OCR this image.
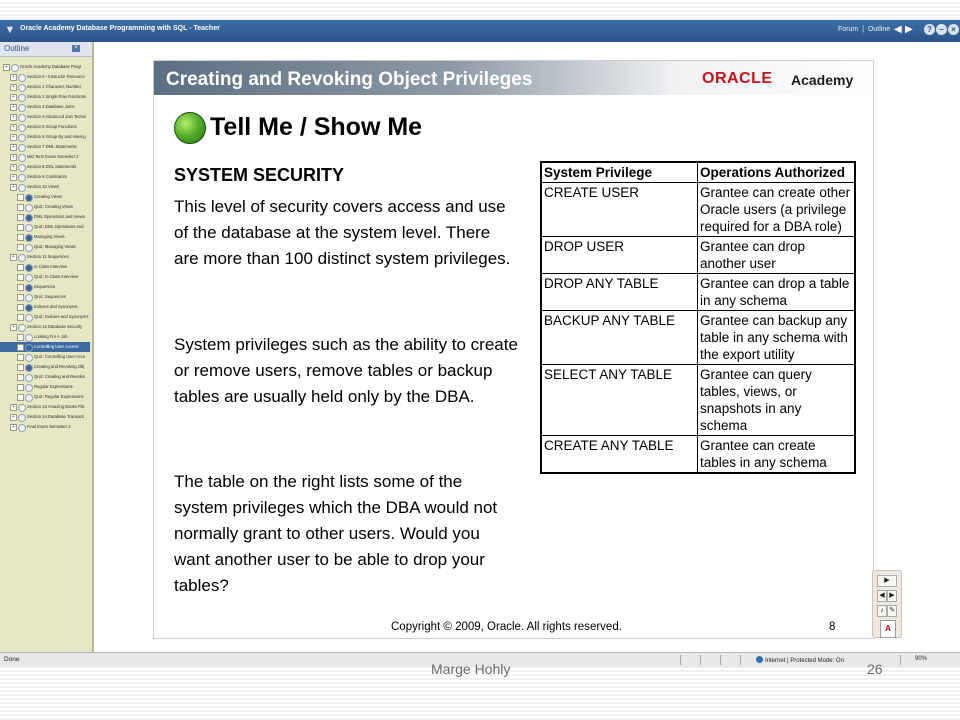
▼ Oracle Academy Database Programming with SQL - Teacher	Forum | Outline ◀ ▶	? – ×
Outline	×
+	Oracle Academy Database Progr
+	Section 0 - Instructor Resource
+	Section 1 Character, Number,
+	Section 2 Single Row Functions
+	Section 3 Database Joins
+	Section 4 Advanced Join Techni
+	Section 5 Group Functions
+	Section 6 Group By and Having
+	Section 7 DML Statements
+	Mid Term Exam Semester 2
+	Section 8 DDL Statements
+	Section 9 Constraints
+	Section 10 Views
Creating Views
Quiz: Creating Views
DML Operations and Views
Quiz: DML Operations and
Managing Views
Quiz: Managing Views
+	Section 11 Sequences
In Class Interview
Quiz: In Class Interview
Sequences
Quiz: Sequences
Indexes and Synonyms
Quiz: Indexes and Synonyms
+	Section 12 Database Security
Looking For A Job
Controlling User Access
Quiz: Controlling User Acce
Creating and Revoking Obj
Quiz: Creating and Revokin
Regular Expressions
Quiz: Regular Expressions
+	Section 13 Amazing Books File
+	Section 14 Database Transacti
+	Final Exam Semester 2
Creating and Revoking Object Privileges	ORACLE Academy
Tell Me / Show Me
SYSTEM SECURITY

This level of security covers access and use of the database at the system level. There are more than 100 distinct system privileges.

System privileges such as the ability to create or remove users, remove tables or backup tables are usually held only by the DBA.

The table on the right lists some of the system privileges which the DBA would not normally grant to other users. Would you want another user to be able to drop your tables?

System Privilege	Operations Authorized
CREATE USER	Grantee can create other Oracle users (a privilege required for a DBA role)
DROP USER	Grantee can drop another user
DROP ANY TABLE	Grantee can drop a table in any schema
BACKUP ANY TABLE	Grantee can backup any table in any schema with the export utility
SELECT ANY TABLE	Grantee can query tables, views, or snapshots in any schema
CREATE ANY TABLE	Grantee can create tables in any schema
Copyright © 2009, Oracle. All rights reserved.	8
▶
◀ ▶
♪ ✎
A
Done	Internet | Protected Mode: On	90%
Marge Hohly	26
